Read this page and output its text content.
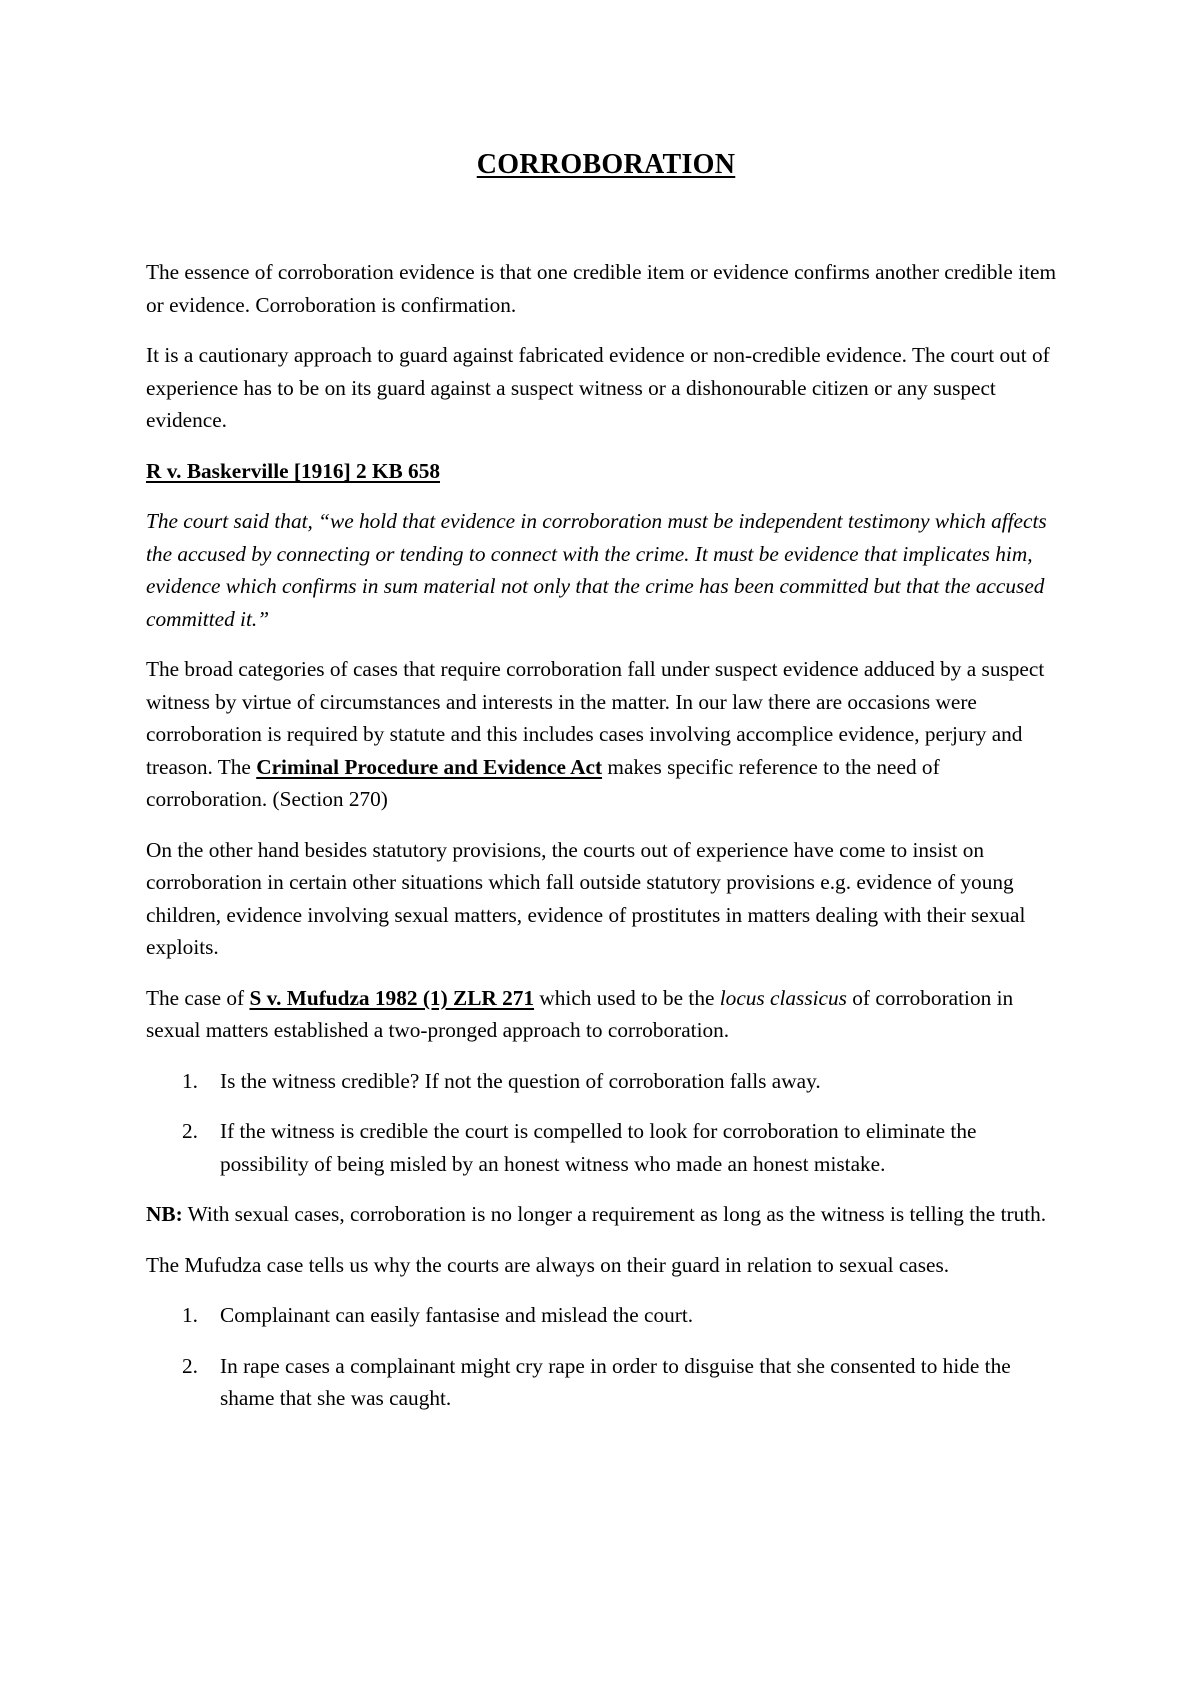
CORROBORATION

The essence of corroboration evidence is that one credible item or evidence confirms another credible item or evidence. Corroboration is confirmation.

It is a cautionary approach to guard against fabricated evidence or non-credible evidence. The court out of experience has to be on its guard against a suspect witness or a dishonourable citizen or any suspect evidence.

R v. Baskerville [1916] 2 KB 658

The court said that, “we hold that evidence in corroboration must be independent testimony which affects the accused by connecting or tending to connect with the crime. It must be evidence that implicates him, evidence which confirms in sum material not only that the crime has been committed but that the accused committed it.”

The broad categories of cases that require corroboration fall under suspect evidence adduced by a suspect witness by virtue of circumstances and interests in the matter. In our law there are occasions were corroboration is required by statute and this includes cases involving accomplice evidence, perjury and treason. The Criminal Procedure and Evidence Act makes specific reference to the need of corroboration. (Section 270)

On the other hand besides statutory provisions, the courts out of experience have come to insist on corroboration in certain other situations which fall outside statutory provisions e.g. evidence of young children, evidence involving sexual matters, evidence of prostitutes in matters dealing with their sexual exploits.

The case of S v. Mufudza 1982 (1) ZLR 271 which used to be the locus classicus of corroboration in sexual matters established a two-pronged approach to corroboration.

1. Is the witness credible? If not the question of corroboration falls away.
2. If the witness is credible the court is compelled to look for corroboration to eliminate the possibility of being misled by an honest witness who made an honest mistake.

NB: With sexual cases, corroboration is no longer a requirement as long as the witness is telling the truth.

The Mufudza case tells us why the courts are always on their guard in relation to sexual cases.

1. Complainant can easily fantasise and mislead the court.
2. In rape cases a complainant might cry rape in order to disguise that she consented to hide the shame that she was caught.
